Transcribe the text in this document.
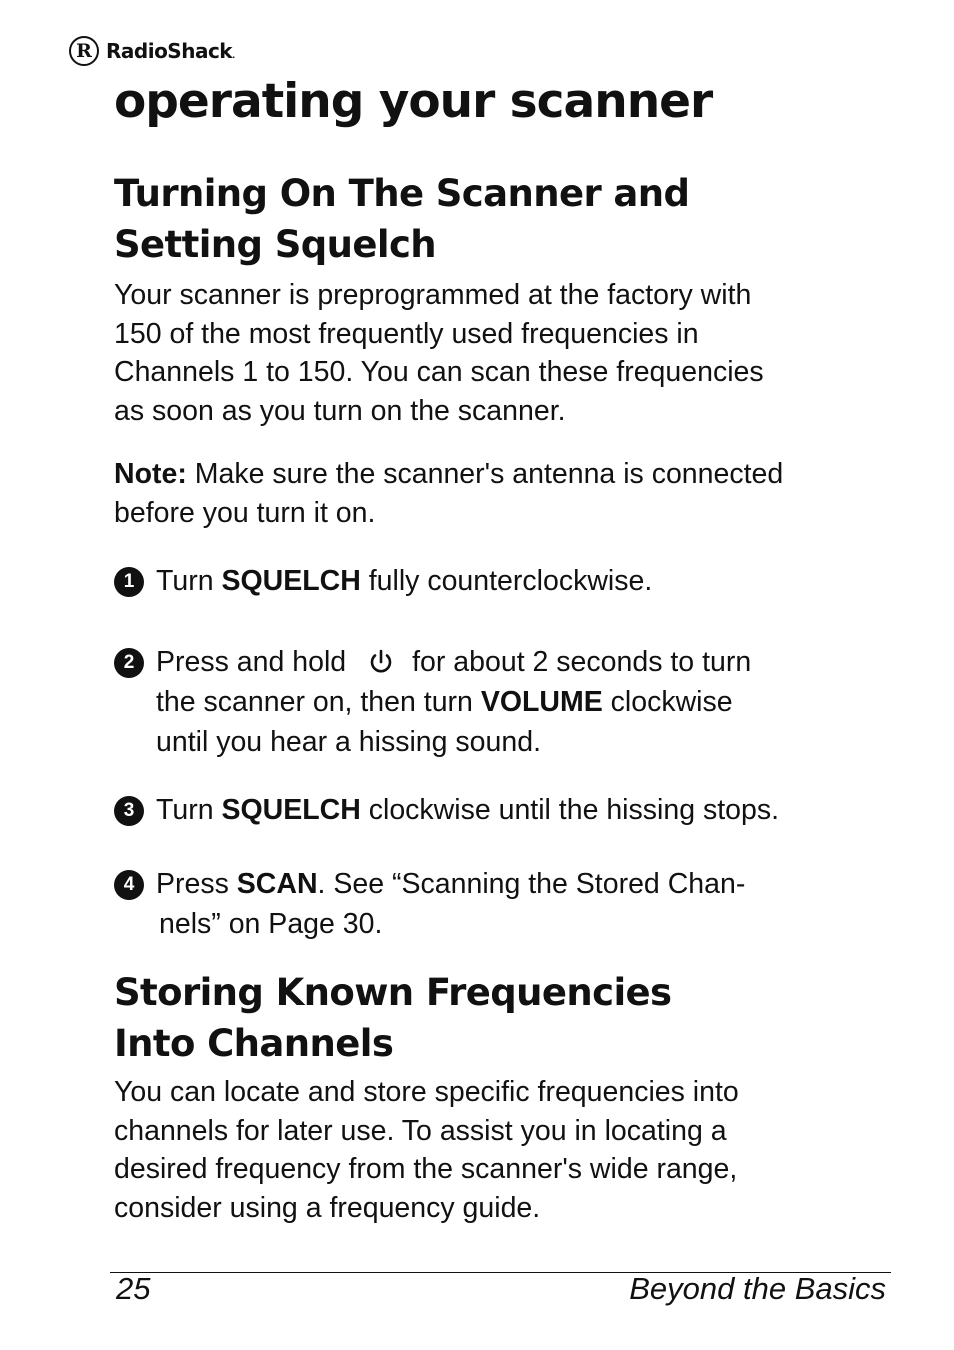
R RadioShack.
operating your scanner
Turning On The Scanner and
Setting Squelch

Your scanner is preprogrammed at the factory with
150 of the most frequently used frequencies in
Channels 1 to 150. You can scan these frequencies
as soon as you turn on the scanner.

Note: Make sure the scanner's antenna is connected
before you turn it on.

1 Turn SQUELCH fully counterclockwise.
2 Press and hold for about 2 seconds to turn
the scanner on, then turn VOLUME clockwise
until you hear a hissing sound.
3 Turn SQUELCH clockwise until the hissing stops.
4 Press SCAN. See “Scanning the Stored Chan-
nels” on Page 30.
Storing Known Frequencies
Into Channels

You can locate and store specific frequencies into
channels for later use. To assist you in locating a
desired frequency from the scanner's wide range,
consider using a frequency guide.

25	Beyond the Basics
